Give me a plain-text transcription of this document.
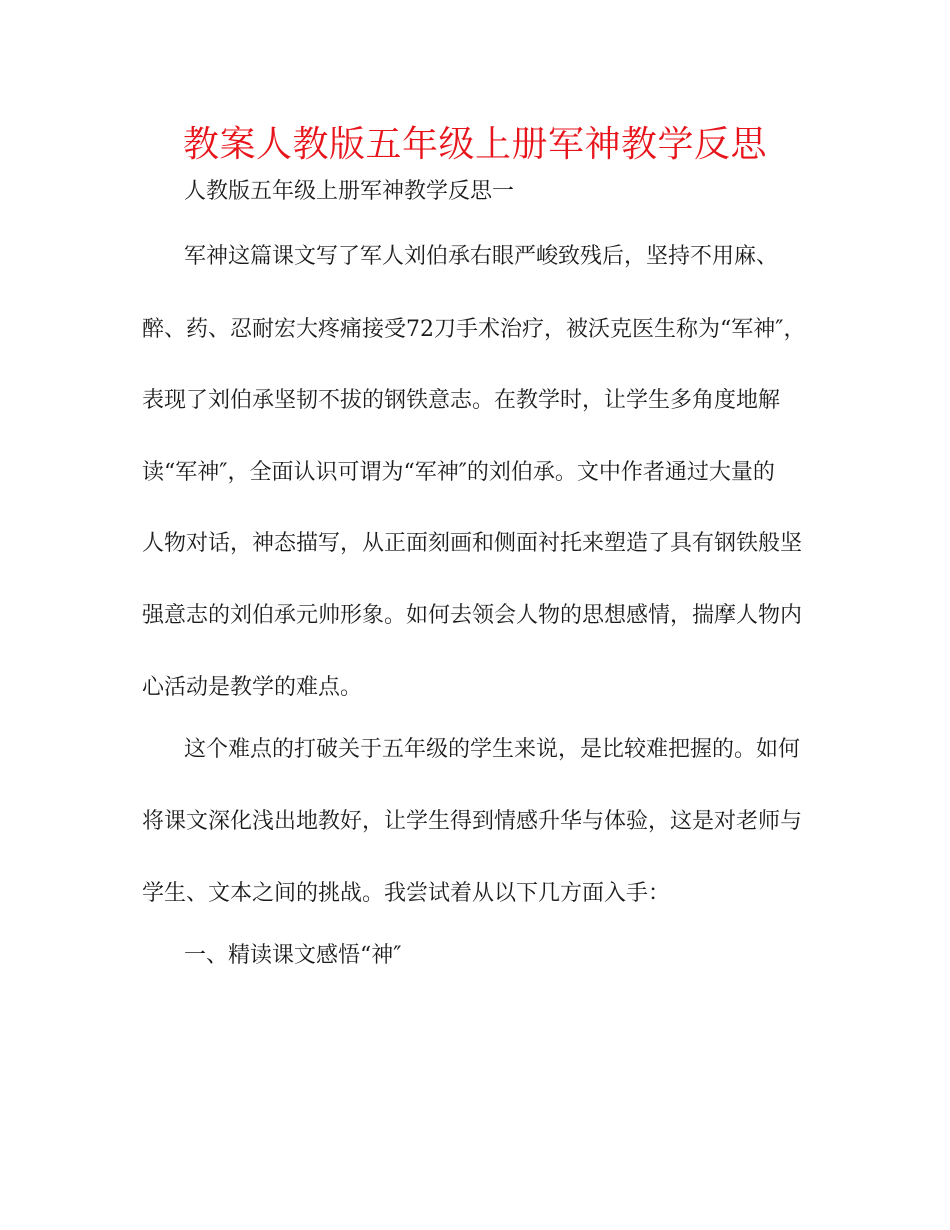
教案人教版五年级上册军神教学反思

人教版五年级上册军神教学反思一

军神这篇课文写了军人刘伯承右眼严峻致残后，坚持不用麻、

醉、药、忍耐宏大疼痛接受72刀手术治疗，被沃克医生称为“军神″，

表现了刘伯承坚韧不拔的钢铁意志。在教学时，让学生多角度地解

读“军神″，全面认识可谓为“军神″的刘伯承。文中作者通过大量的

人物对话，神态描写，从正面刻画和侧面衬托来塑造了具有钢铁般坚

强意志的刘伯承元帅形象。如何去领会人物的思想感情，揣摩人物内

心活动是教学的难点。

这个难点的打破关于五年级的学生来说，是比较难把握的。如何

将课文深化浅出地教好，让学生得到情感升华与体验，这是对老师与

学生、文本之间的挑战。我尝试着从以下几方面入手：

一、精读课文感悟“神″
